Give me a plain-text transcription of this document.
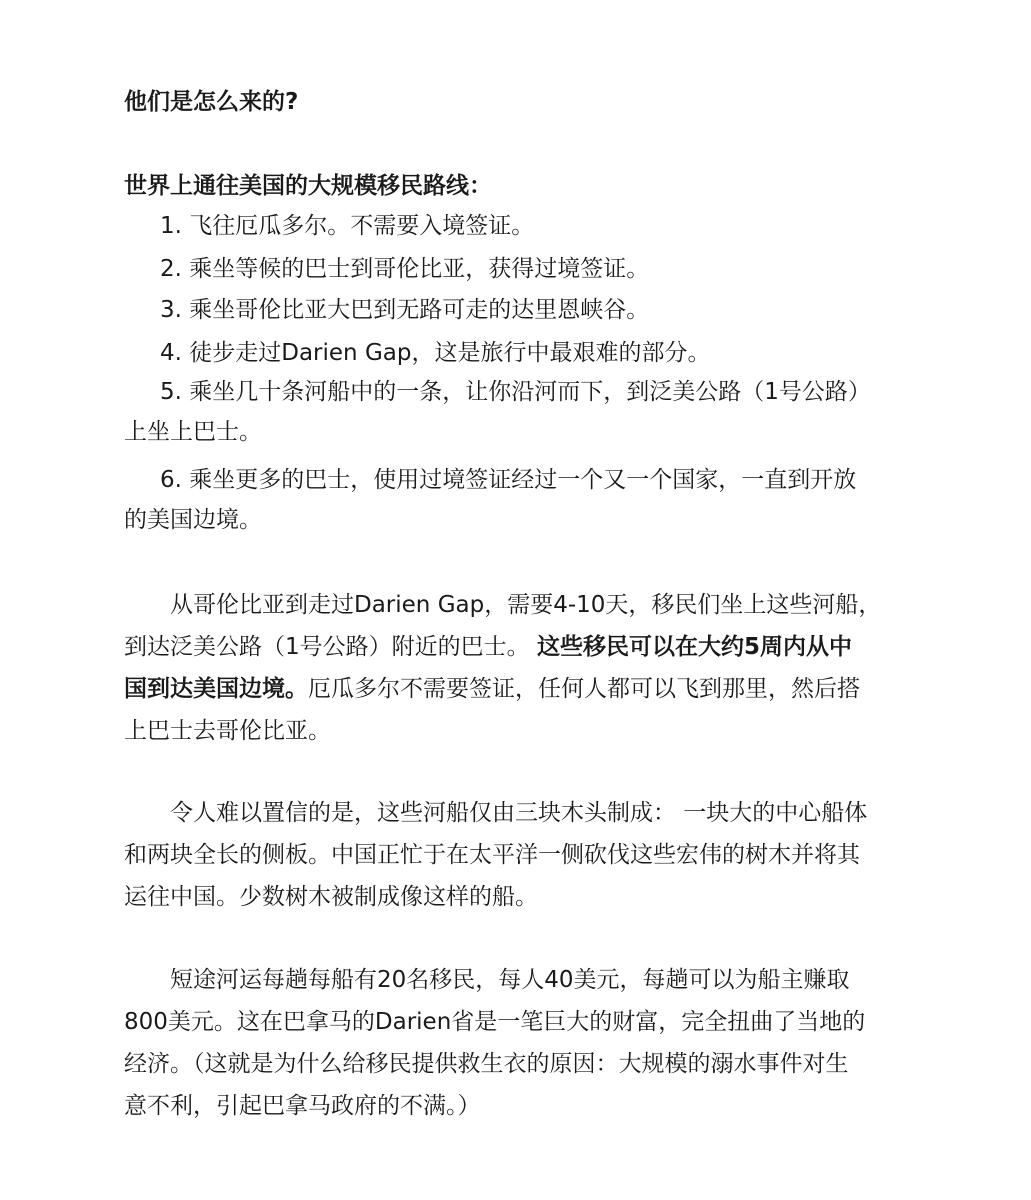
他们是怎么来的?
世界上通往美国的大规模移民路线：
1. 飞往厄瓜多尔。不需要入境签证。
2. 乘坐等候的巴士到哥伦比亚，获得过境签证。
3. 乘坐哥伦比亚大巴到无路可走的达里恩峡谷。
4. 徒步走过Darien Gap，这是旅行中最艰难的部分。
5. 乘坐几十条河船中的一条，让你沿河而下，到泛美公路（1号公路）
上坐上巴士。
6. 乘坐更多的巴士，使用过境签证经过一个又一个国家，一直到开放
的美国边境。
从哥伦比亚到走过Darien Gap，需要4-10天，移民们坐上这些河船，
到达泛美公路（1号公路）附近的巴士。 这些移民可以在大约5周内从中
国到达美国边境。厄瓜多尔不需要签证，任何人都可以飞到那里，然后搭
上巴士去哥伦比亚。
令人难以置信的是，这些河船仅由三块木头制成： 一块大的中心船体
和两块全长的侧板。中国正忙于在太平洋一侧砍伐这些宏伟的树木并将其
运往中国。少数树木被制成像这样的船。
短途河运每趟每船有20名移民，每人40美元，每趟可以为船主赚取
800美元。这在巴拿马的Darien省是一笔巨大的财富，完全扭曲了当地的
经济。（这就是为什么给移民提供救生衣的原因：大规模的溺水事件对生
意不利，引起巴拿马政府的不满。）
